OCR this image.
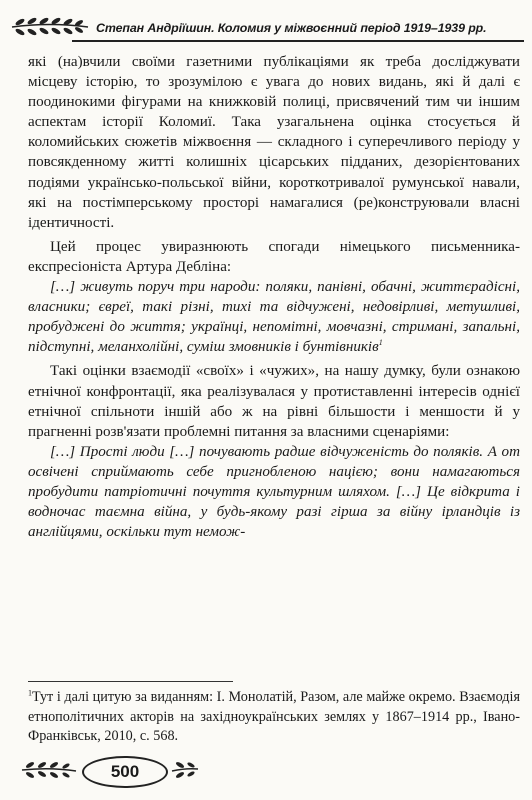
Степан Андріїшин. Коломия у міжвоєнний період 1919–1939 рр.

які (на)вчили своїми газетними публікаціями як треба досліджувати місцеву історію, то зрозумілою є увага до нових видань, які й далі є поодинокими фігурами на книжковій полиці, присвячений тим чи іншим аспектам історії Коломиї. Така узагальнена оцінка стосується й коломийських сюжетів міжвоєння — складного і суперечливого періоду у повсякденному житті колишніх цісарських підданих, дезорієнтованих подіями українсько-польської війни, короткотривалої румунської навали, які на постімперському просторі намагалися (ре)конструювали власні ідентичності.

Цей процес увиразнюють спогади німецького письменника-експресіоніста Артура Дебліна:

[…] живуть поруч три народи: поляки, панівні, обачні, життєрадісні, власники; євреї, такі різні, тихі та відчужені, недовірливі, метушливі, пробуджені до життя; українці, непомітні, мовчазні, стримані, запальні, підступні, меланхолійні, суміш змовників і бунтівників$^1$

Такі оцінки взаємодії «своїх» і «чужих», на нашу думку, були ознакою етнічної конфронтації, яка реалізувалася у протиставленні інтересів однієї етнічної спільноти іншій або ж на рівні більшости і меншости й у прагненні розв'язати проблемні питання за власними сценаріями:

[…] Прості люди […] почувають радше відчуженість до поляків. А от освічені сприймають себе пригнобленою нацією; вони намагаються пробудити патріотичні почуття культурним шляхом. […] Це відкрита і водночас таємна війна, у будь-якому разі гірша за війну ірландців із англійцями, оскільки тут немож-

$^1$Тут і далі цитую за виданням: І. Монолатій, Разом, але майже окремо. Взаємодія етнополітичних акторів на західноукраїнських землях у 1867–1914 рр., Івано-Франківськ, 2010, с. 568.

500
